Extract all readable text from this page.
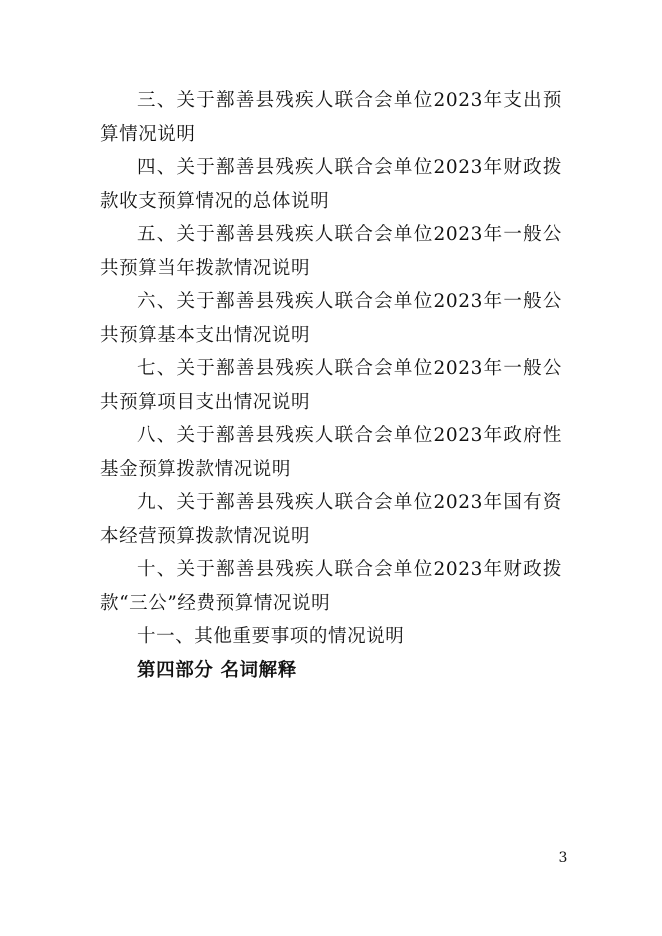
三、关于鄯善县残疾人联合会单位2023年支出预算情况说明

四、关于鄯善县残疾人联合会单位2023年财政拨款收支预算情况的总体说明

五、关于鄯善县残疾人联合会单位2023年一般公共预算当年拨款情况说明

六、关于鄯善县残疾人联合会单位2023年一般公共预算基本支出情况说明

七、关于鄯善县残疾人联合会单位2023年一般公共预算项目支出情况说明

八、关于鄯善县残疾人联合会单位2023年政府性基金预算拨款情况说明

九、关于鄯善县残疾人联合会单位2023年国有资本经营预算拨款情况说明

十、关于鄯善县残疾人联合会单位2023年财政拨款“三公”经费预算情况说明

十一、其他重要事项的情况说明

第四部分 名词解释

3
